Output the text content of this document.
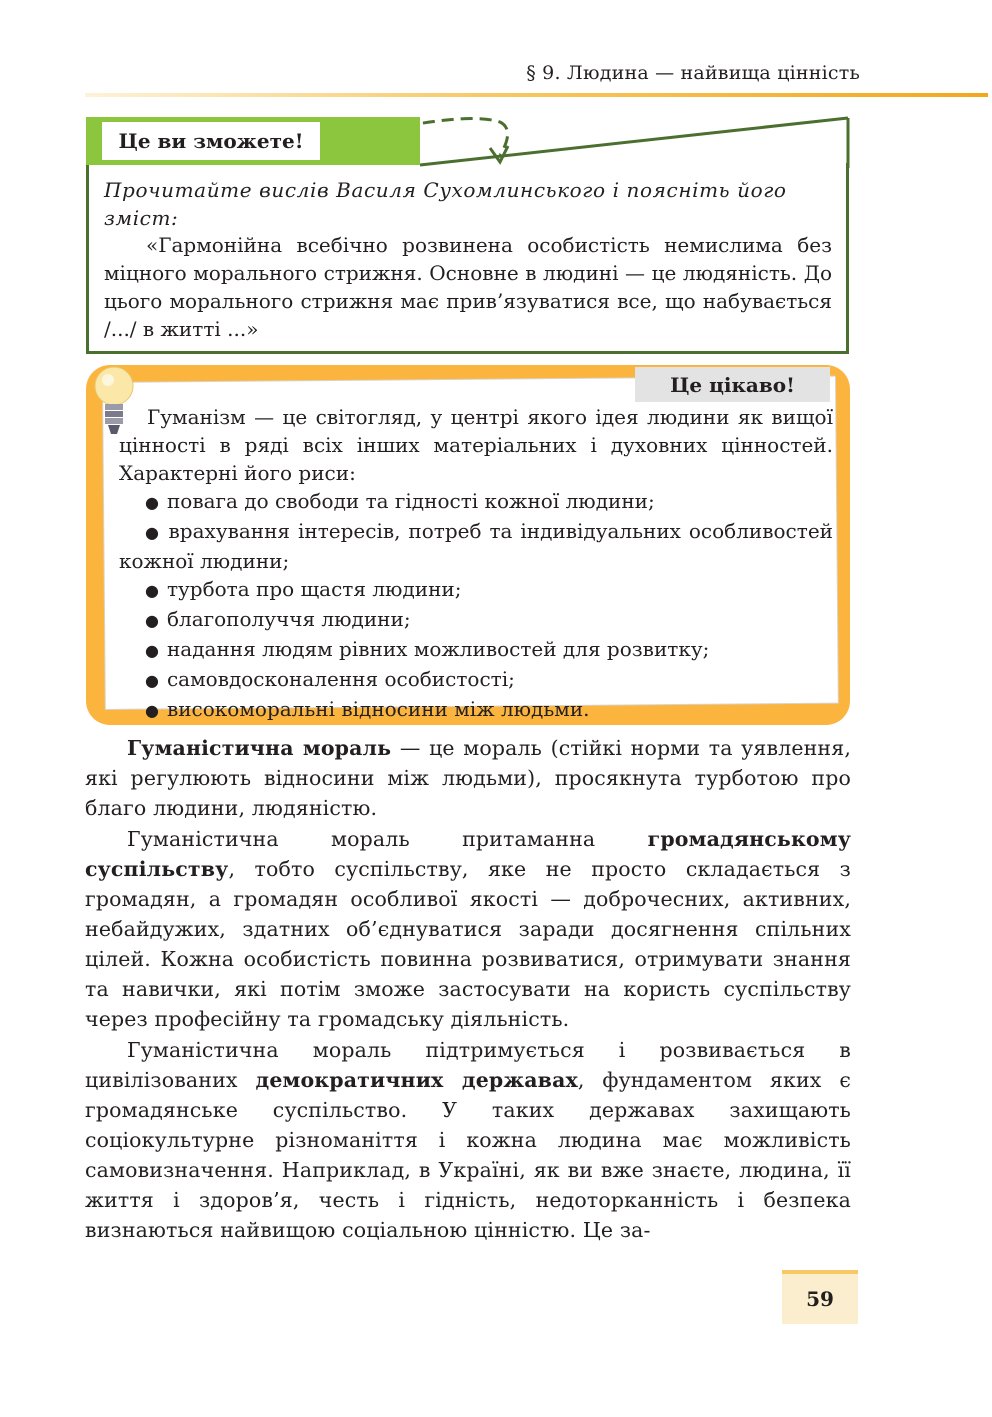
§ 9. Людина — найвища цінність
Це ви зможете!
Прочитайте вислів Василя Сухомлинського і поясніть його зміст:
«Гармонійна всебічно розвинена особистість немислима без міцного морального стрижня. Основне в людині — це людяність. До цього морального стрижня має прив’язуватися все, що набувається /.../ в житті ...»
Це цікаво!

Гуманізм — це світогляд, у центрі якого ідея людини як вищої цінності в ряді всіх інших матеріальних і духовних цінностей. Характерні його риси:

● повага до свободи та гідності кожної людини;
● врахування інтересів, потреб та індивідуальних особливостей кожної людини;
● турбота про щастя людини;
● благополуччя людини;
● надання людям рівних можливостей для розвитку;
● самовдосконалення особистості;
● високоморальні відносини між людьми.

Гуманістична мораль — це мораль (стійкі норми та уявлення, які регулюють відносини між людьми), просякнута турботою про благо людини, людяністю.

Гуманістична мораль притаманна громадянському суспільству, тобто суспільству, яке не просто складається з громадян, а громадян особливої якості — доброчесних, активних, небайдужих, здатних об’єднуватися заради досягнення спільних цілей. Кожна особистість повинна розвиватися, отримувати знання та навички, які потім зможе застосувати на користь суспільству через професійну та громадську діяльність.

Гуманістична мораль підтримується і розвивається в цивілізованих демократичних державах, фундаментом яких є громадянське суспільство. У таких державах захищають соціокультурне різноманіття і кожна людина має можливість самовизначення. Наприклад, в Україні, як ви вже знаєте, людина, її життя і здоров’я, честь і гідність, недоторканність і безпека визнаються найвищою соціальною цінністю. Це за-

59
